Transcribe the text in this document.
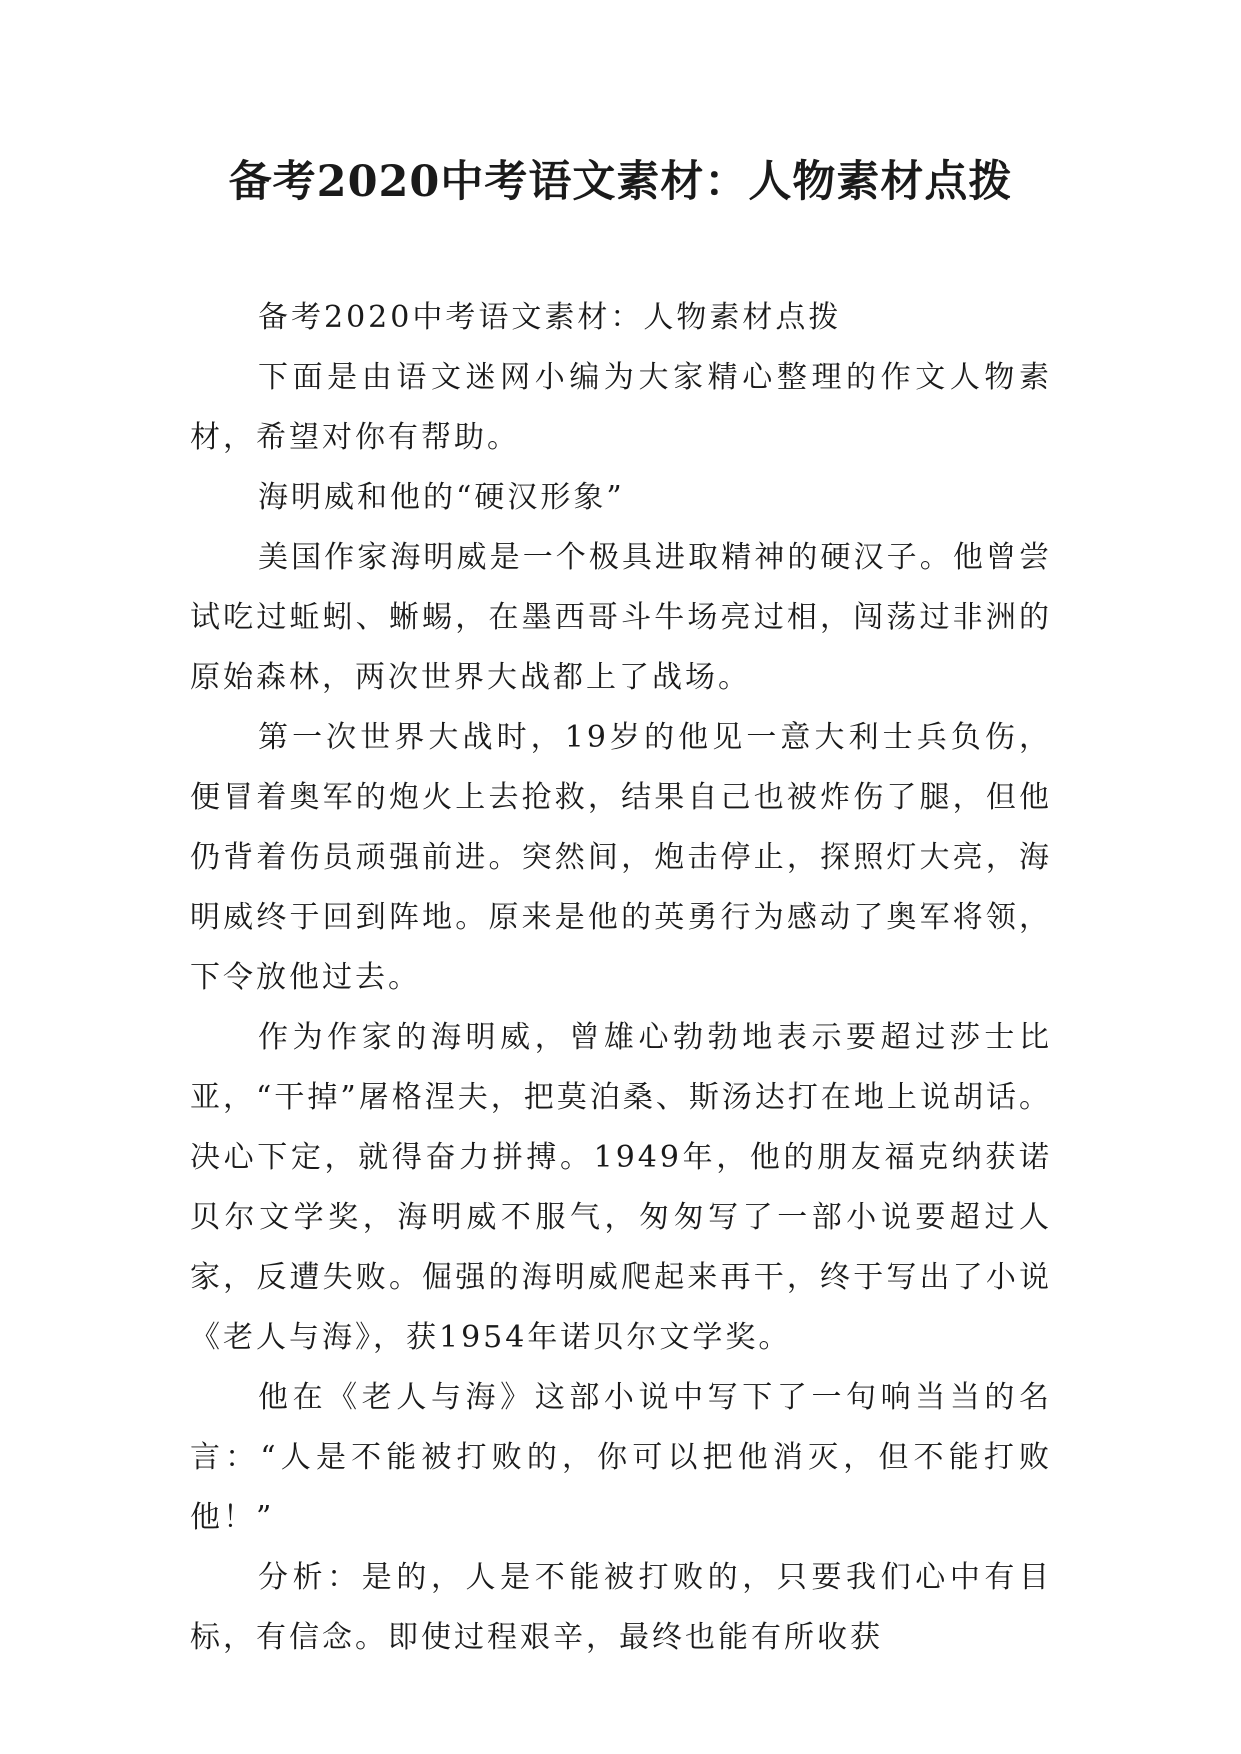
备考2020中考语文素材：人物素材点拨

备考2020中考语文素材：人物素材点拨

下面是由语文迷网小编为大家精心整理的作文人物素材，希望对你有帮助。

海明威和他的“硬汉形象”

美国作家海明威是一个极具进取精神的硬汉子。他曾尝试吃过蚯蚓、蜥蜴，在墨西哥斗牛场亮过相，闯荡过非洲的原始森林，两次世界大战都上了战场。

第一次世界大战时，19岁的他见一意大利士兵负伤，便冒着奥军的炮火上去抢救，结果自己也被炸伤了腿，但他仍背着伤员顽强前进。突然间，炮击停止，探照灯大亮，海明威终于回到阵地。原来是他的英勇行为感动了奥军将领，下令放他过去。

作为作家的海明威，曾雄心勃勃地表示要超过莎士比亚，“干掉”屠格涅夫，把莫泊桑、斯汤达打在地上说胡话。决心下定，就得奋力拼搏。1949年，他的朋友福克纳获诺贝尔文学奖，海明威不服气，匆匆写了一部小说要超过人家，反遭失败。倔强的海明威爬起来再干，终于写出了小说《老人与海》，获1954年诺贝尔文学奖。

他在《老人与海》这部小说中写下了一句响当当的名言：“人是不能被打败的，你可以把他消灭，但不能打败他！”

分析：是的，人是不能被打败的，只要我们心中有目标，有信念。即使过程艰辛，最终也能有所收获
